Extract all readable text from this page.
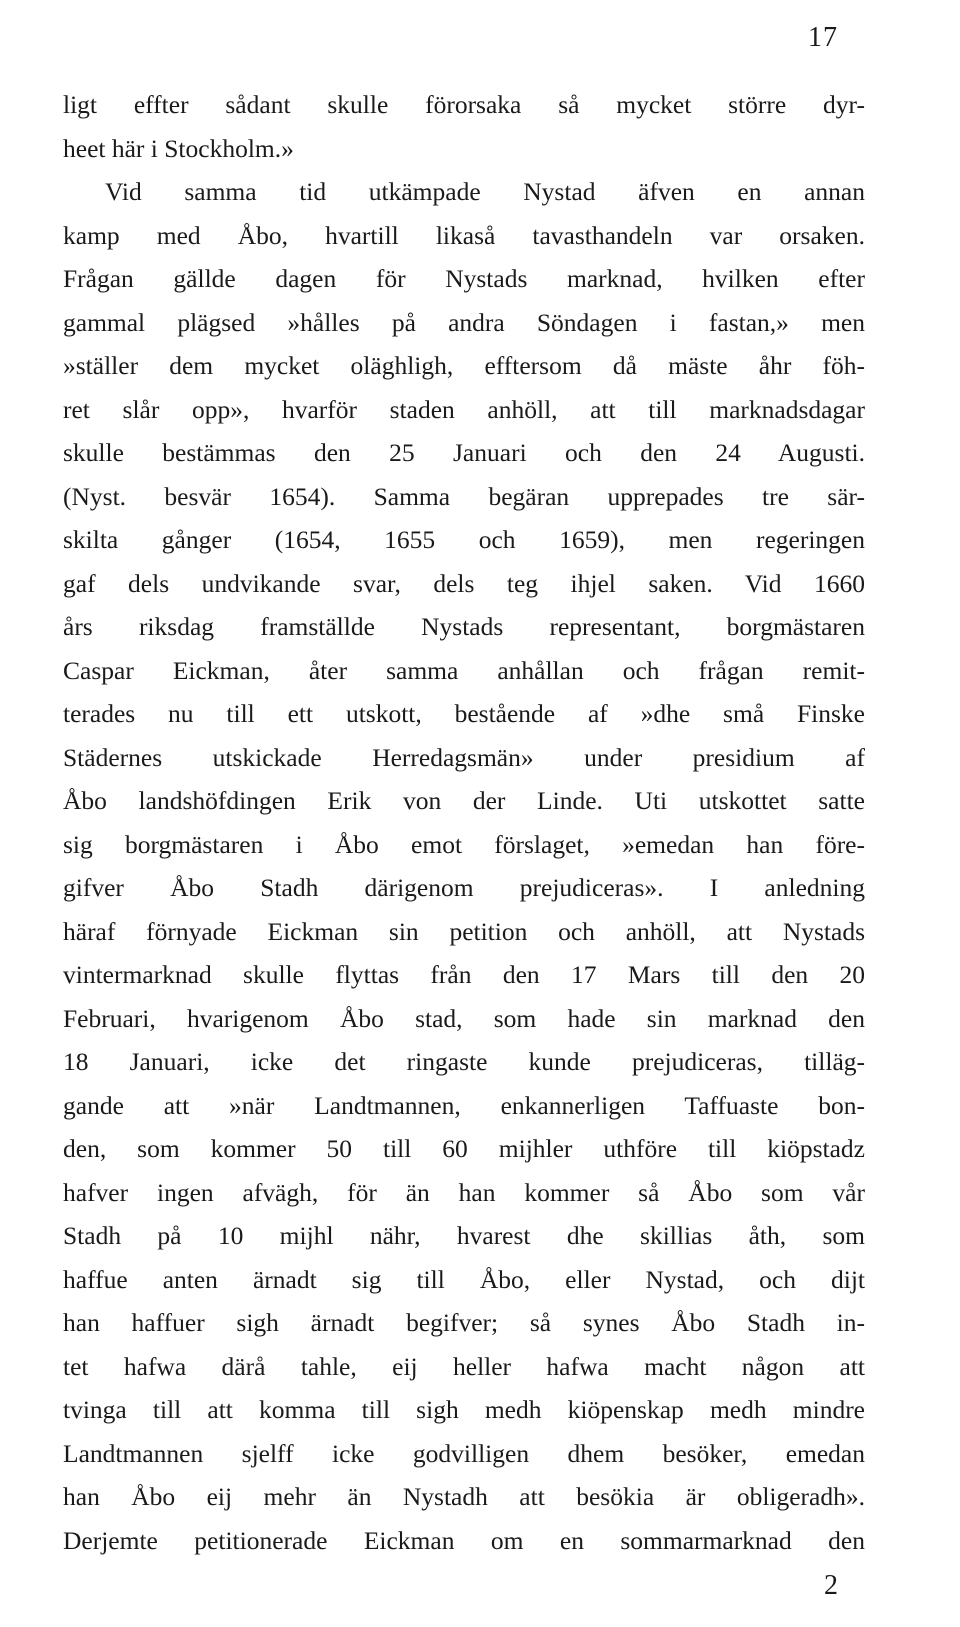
17
ligt effter sådant skulle förorsaka så mycket större dyr-
heet här i Stockholm.»
Vid samma tid utkämpade Nystad äfven en annan
kamp med Åbo, hvartill likaså tavasthandeln var orsaken.
Frågan gällde dagen för Nystads marknad, hvilken efter
gammal plägsed »hålles på andra Söndagen i fastan,» men
»ställer dem mycket oläghligh, efftersom då mäste åhr föh-
ret slår opp», hvarför staden anhöll, att till marknadsdagar
skulle bestämmas den 25 Januari och den 24 Augusti.
(Nyst. besvär 1654). Samma begäran upprepades tre sär-
skilta gånger (1654, 1655 och 1659), men regeringen
gaf dels undvikande svar, dels teg ihjel saken. Vid 1660
års riksdag framställde Nystads representant, borgmästaren
Caspar Eickman, åter samma anhållan och frågan remit-
terades nu till ett utskott, bestående af »dhe små Finske
Städernes utskickade Herredagsmän» under presidium af
Åbo landshöfdingen Erik von der Linde. Uti utskottet satte
sig borgmästaren i Åbo emot förslaget, »emedan han före-
gifver Åbo Stadh därigenom prejudiceras». I anledning
häraf förnyade Eickman sin petition och anhöll, att Nystads
vintermarknad skulle flyttas från den 17 Mars till den 20
Februari, hvarigenom Åbo stad, som hade sin marknad den
18 Januari, icke det ringaste kunde prejudiceras, tilläg-
gande att »när Landtmannen, enkannerligen Taffuaste bon-
den, som kommer 50 till 60 mijhler uthföre till kiöpstadz
hafver ingen afvägh, för än han kommer så Åbo som vår
Stadh på 10 mijhl nähr, hvarest dhe skillias åth, som
haffue anten ärnadt sig till Åbo, eller Nystad, och dijt
han haffuer sigh ärnadt begifver; så synes Åbo Stadh in-
tet hafwa därå tahle, eij heller hafwa macht någon att
tvinga till att komma till sigh medh kiöpenskap medh mindre
Landtmannen sjelff icke godvilligen dhem besöker, emedan
han Åbo eij mehr än Nystadh att besökia är obligeradh».
Derjemte petitionerade Eickman om en sommarmarknad den
2
